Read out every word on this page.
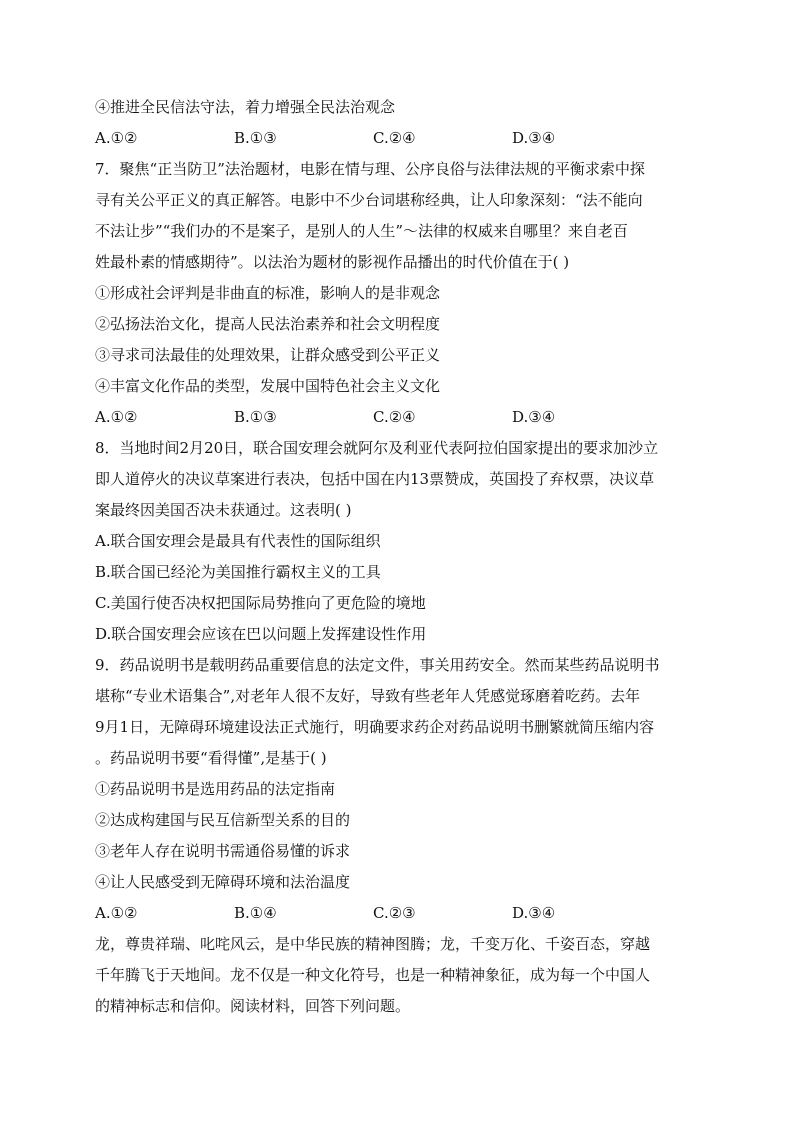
④推进全民信法守法，着力增强全民法治观念
A.①②	B.①③	C.②④	D.③④
7．聚焦“正当防卫”法治题材，电影在情与理、公序良俗与法律法规的平衡求索中探
寻有关公平正义的真正解答。电影中不少台词堪称经典，让人印象深刻：“法不能向
不法让步”“我们办的不是案子，是别人的人生”～法律的权威来自哪里？来自老百
姓最朴素的情感期待”。以法治为题材的影视作品播出的时代价值在于( )
①形成社会评判是非曲直的标准，影响人的是非观念
②弘扬法治文化，提高人民法治素养和社会文明程度
③寻求司法最佳的处理效果，让群众感受到公平正义
④丰富文化作品的类型，发展中国特色社会主义文化
A.①②	B.①③	C.②④	D.③④
8．当地时间2月20日，联合国安理会就阿尔及利亚代表阿拉伯国家提出的要求加沙立
即人道停火的决议草案进行表决，包括中国在内13票赞成，英国投了弃权票，决议草
案最终因美国否决未获通过。这表明( )
A.联合国安理会是最具有代表性的国际组织
B.联合国已经沦为美国推行霸权主义的工具
C.美国行使否决权把国际局势推向了更危险的境地
D.联合国安理会应该在巴以问题上发挥建设性作用
9．药品说明书是载明药品重要信息的法定文件，事关用药安全。然而某些药品说明书
堪称“专业术语集合”,对老年人很不友好，导致有些老年人凭感觉琢磨着吃药。去年
9月1日，无障碍环境建设法正式施行，明确要求药企对药品说明书删繁就简压缩内容
。药品说明书要“看得懂”,是基于( )
①药品说明书是选用药品的法定指南
②达成构建国与民互信新型关系的目的
③老年人存在说明书需通俗易懂的诉求
④让人民感受到无障碍环境和法治温度
A.①②	B.①④	C.②③	D.③④
龙，尊贵祥瑞、叱咤风云，是中华民族的精神图腾；龙，千变万化、千姿百态，穿越
千年腾飞于天地间。龙不仅是一种文化符号，也是一种精神象征，成为每一个中国人
的精神标志和信仰。阅读材料，回答下列问题。
